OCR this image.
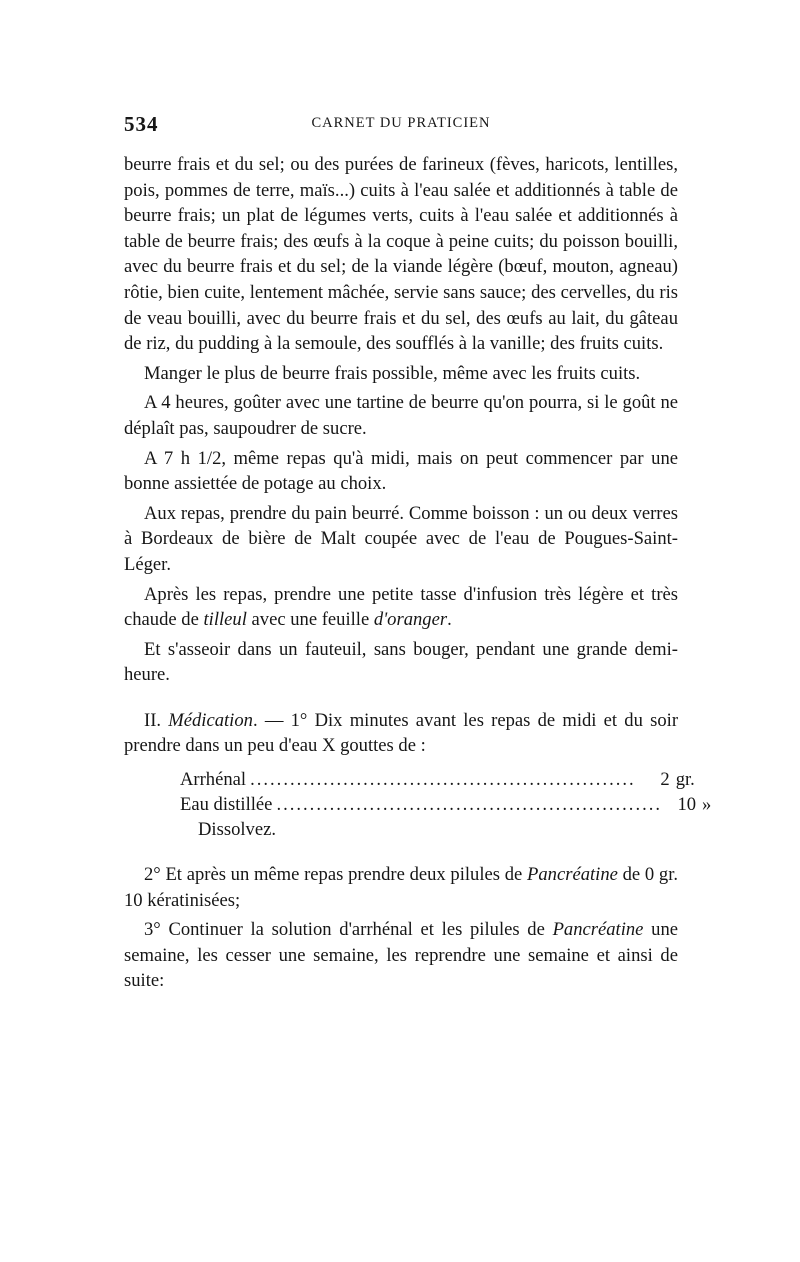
534	CARNET DU PRATICIEN

beurre frais et du sel; ou des purées de farineux (fèves, haricots, lentilles, pois, pommes de terre, maïs...) cuits à l'eau salée et additionnés à table de beurre frais; un plat de légumes verts, cuits à l'eau salée et additionnés à table de beurre frais; des œufs à la coque à peine cuits; du poisson bouilli, avec du beurre frais et du sel; de la viande légère (bœuf, mouton, agneau) rôtie, bien cuite, lentement mâchée, servie sans sauce; des cervelles, du ris de veau bouilli, avec du beurre frais et du sel, des œufs au lait, du gâteau de riz, du pudding à la semoule, des soufflés à la vanille; des fruits cuits.

Manger le plus de beurre frais possible, même avec les fruits cuits.

A 4 heures, goûter avec une tartine de beurre qu'on pourra, si le goût ne déplaît pas, saupoudrer de sucre.

A 7 h 1/2, même repas qu'à midi, mais on peut commencer par une bonne assiettée de potage au choix.

Aux repas, prendre du pain beurré. Comme boisson : un ou deux verres à Bordeaux de bière de Malt coupée avec de l'eau de Pougues-Saint-Léger.

Après les repas, prendre une petite tasse d'infusion très légère et très chaude de tilleul avec une feuille d'oranger.

Et s'asseoir dans un fauteuil, sans bouger, pendant une grande demi-heure.

II. Médication. — 1° Dix minutes avant les repas de midi et du soir prendre dans un peu d'eau X gouttes de :

Arrhénal ..........................................................	2 gr.
Eau distillée .......................................................... 10 »
Dissolvez.

2° Et après un même repas prendre deux pilules de Pancréatine de 0 gr. 10 kératinisées;

3° Continuer la solution d'arrhénal et les pilules de Pancréatine une semaine, les cesser une semaine, les reprendre une semaine et ainsi de suite:
